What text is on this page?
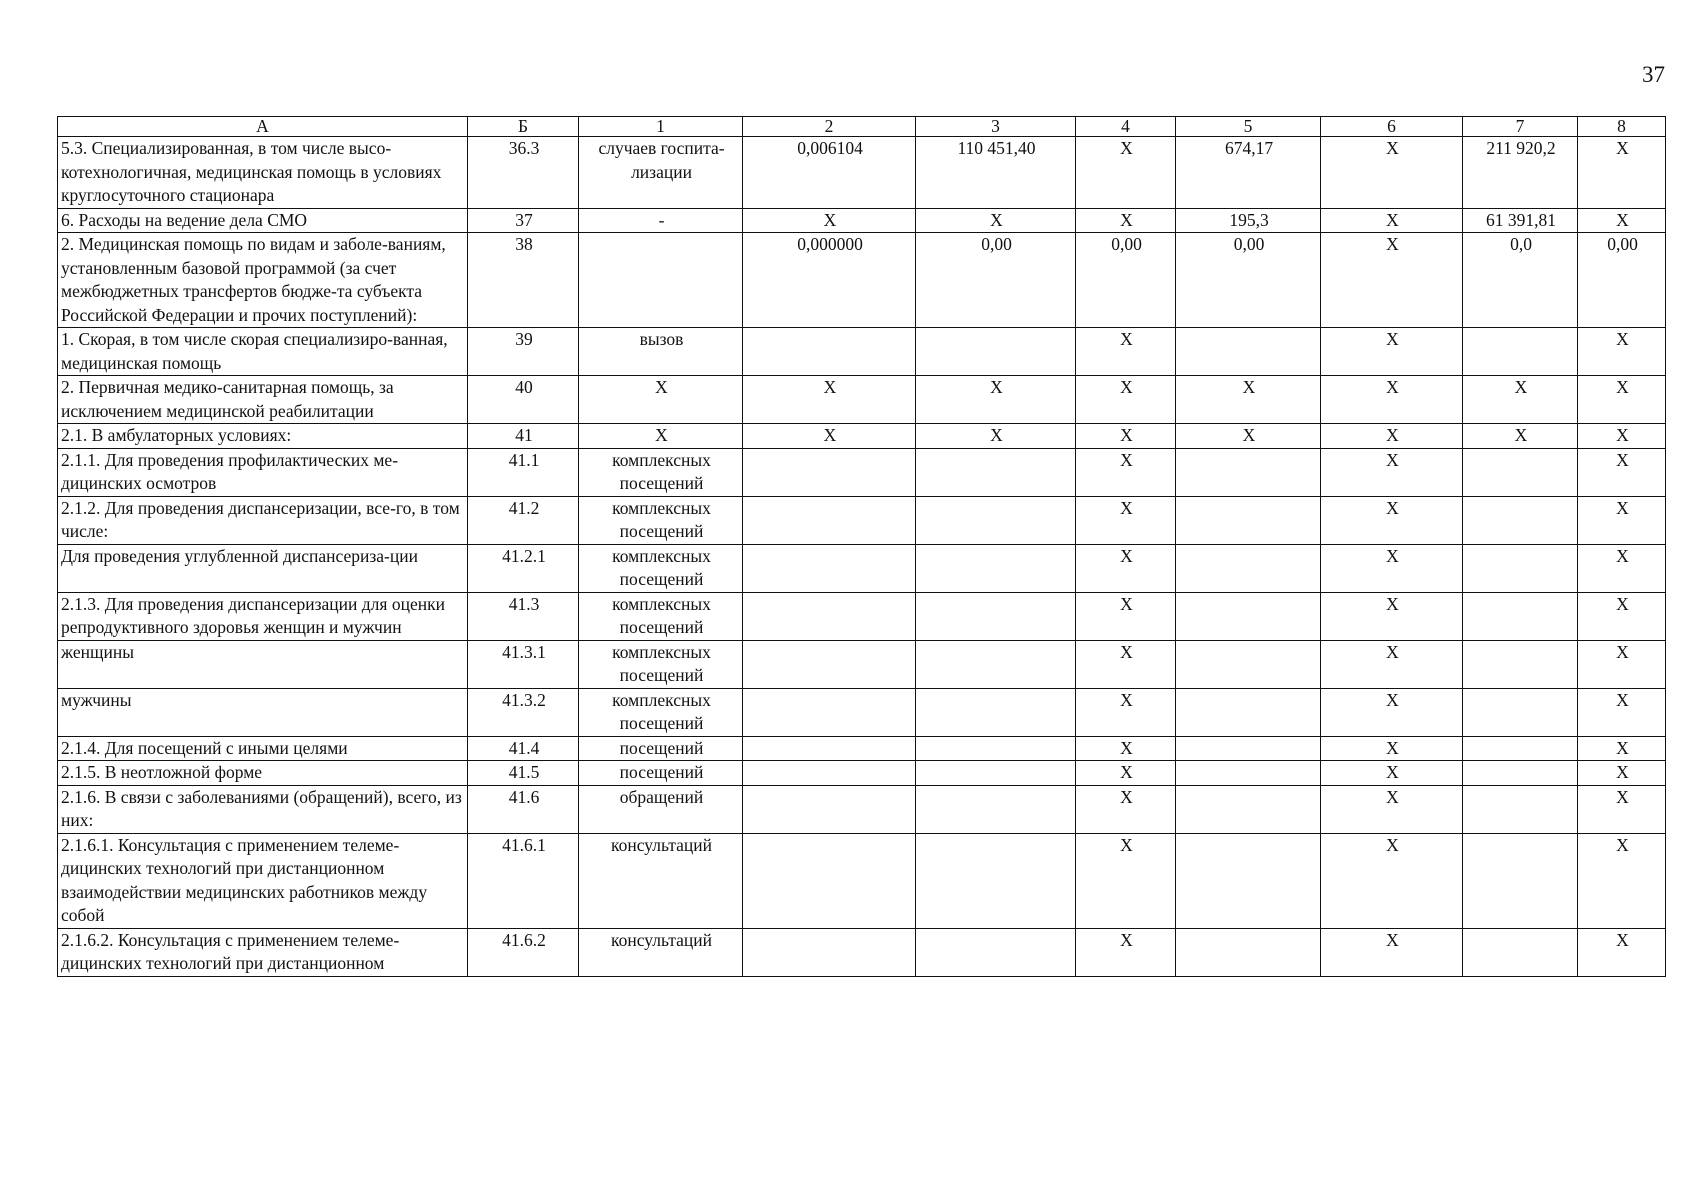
37
А	Б	1	2	3	4	5	6	7	8
5.3. Специализированная, в том числе высо-котехнологичная, медицинская помощь в условиях круглосуточного стационара	36.3	случаев госпита-лизации	0,006104	110 451,40	Х	674,17	Х	211 920,2	Х
6. Расходы на ведение дела СМО	37	-	Х	Х	Х	195,3	Х	61 391,81	Х
2. Медицинская помощь по видам и заболе-ваниям, установленным базовой программой (за счет межбюджетных трансфертов бюдже-та субъекта Российской Федерации и прочих поступлений):	38		0,000000	0,00	0,00	0,00	Х	0,0	0,00
1. Скорая, в том числе скорая специализиро-ванная, медицинская помощь	39	вызов			Х		Х		Х
2. Первичная медико-санитарная помощь, за исключением медицинской реабилитации	40	Х	Х	Х	Х	Х	Х	Х	Х
2.1. В амбулаторных условиях:	41	Х	Х	Х	Х	Х	Х	Х	Х
2.1.1. Для проведения профилактических ме-дицинских осмотров	41.1	комплексных посещений			Х		Х		Х
2.1.2. Для проведения диспансеризации, все-го, в том числе:	41.2	комплексных посещений			Х		Х		Х
Для проведения углубленной диспансериза-ции	41.2.1	комплексных посещений			Х		Х		Х
2.1.3. Для проведения диспансеризации для оценки репродуктивного здоровья женщин и мужчин	41.3	комплексных посещений			Х		Х		Х
женщины	41.3.1	комплексных посещений			Х		Х		Х
мужчины	41.3.2	комплексных посещений			Х		Х		Х
2.1.4. Для посещений с иными целями	41.4	посещений			Х		Х		Х
2.1.5. В неотложной форме	41.5	посещений			Х		Х		Х
2.1.6. В связи с заболеваниями (обращений), всего, из них:	41.6	обращений			Х		Х		Х
2.1.6.1. Консультация с применением телеме-дицинских технологий при дистанционном взаимодействии медицинских работников между собой	41.6.1	консультаций			Х		Х		Х
2.1.6.2. Консультация с применением телеме-дицинских технологий при дистанционном	41.6.2	консультаций			Х		Х		Х
